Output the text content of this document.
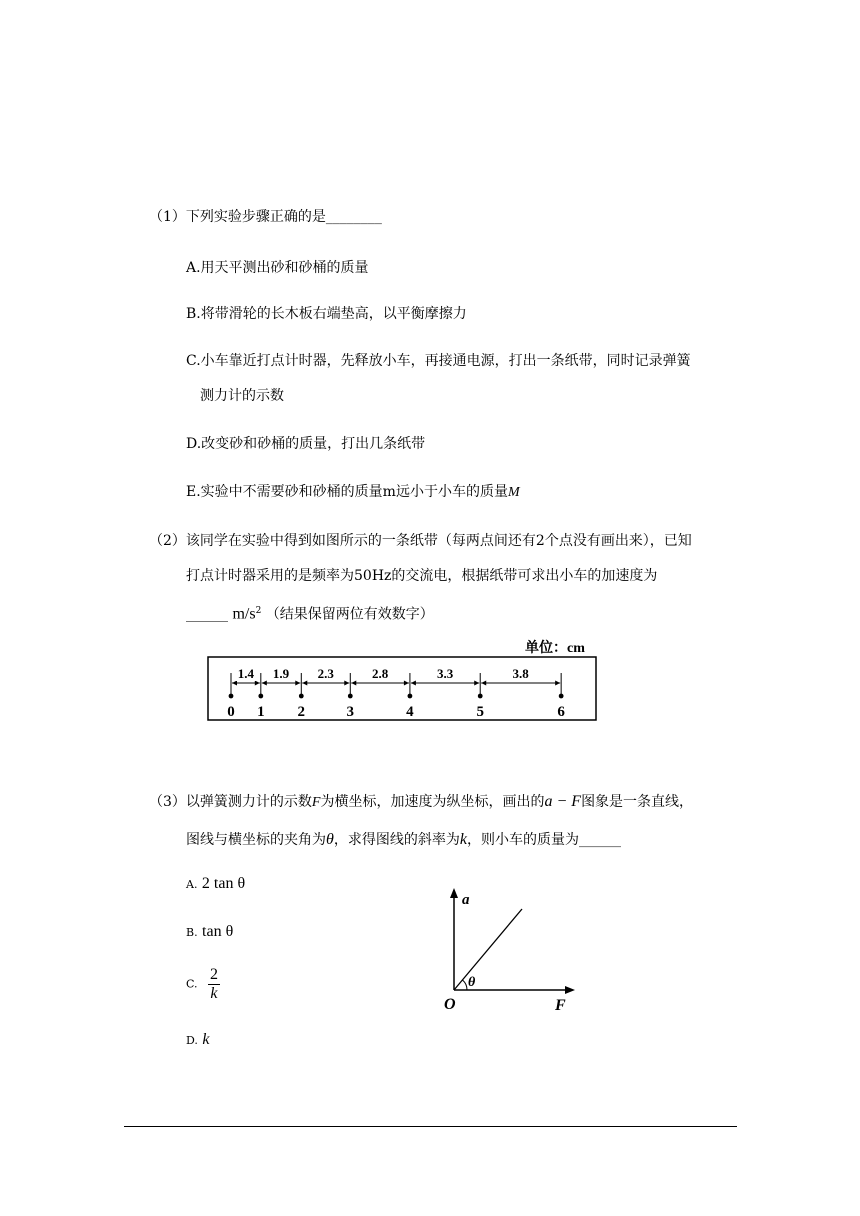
（1）下列实验步骤正确的是________
A.用天平测出砂和砂桶的质量
B.将带滑轮的长木板右端垫高，以平衡摩擦力
C.小车靠近打点计时器，先释放小车，再接通电源，打出一条纸带，同时记录弹簧
测力计的示数
D.改变砂和砂桶的质量，打出几条纸带
E.实验中不需要砂和砂桶的质量m远小于小车的质量M
（2）该同学在实验中得到如图所示的一条纸带（每两点间还有2个点没有画出来），已知
打点计时器采用的是频率为50Hz的交流电，根据纸带可求出小车的加速度为
______ $m/s^2$ （结果保留两位有效数字）
单位：cm
0 1 2	3	4	5	6
1.4 1.9 2.3	2.8	3.3	3.8
（3）以弹簧测力计的示数F为横坐标，加速度为纵坐标，画出的a − F图象是一条直线，
图线与横坐标的夹角为θ，求得图线的斜率为k，则小车的质量为______
A. 2 tan θ
B. tan θ
C. $\frac{2}{k}$
D. k
a
F
O
θ
